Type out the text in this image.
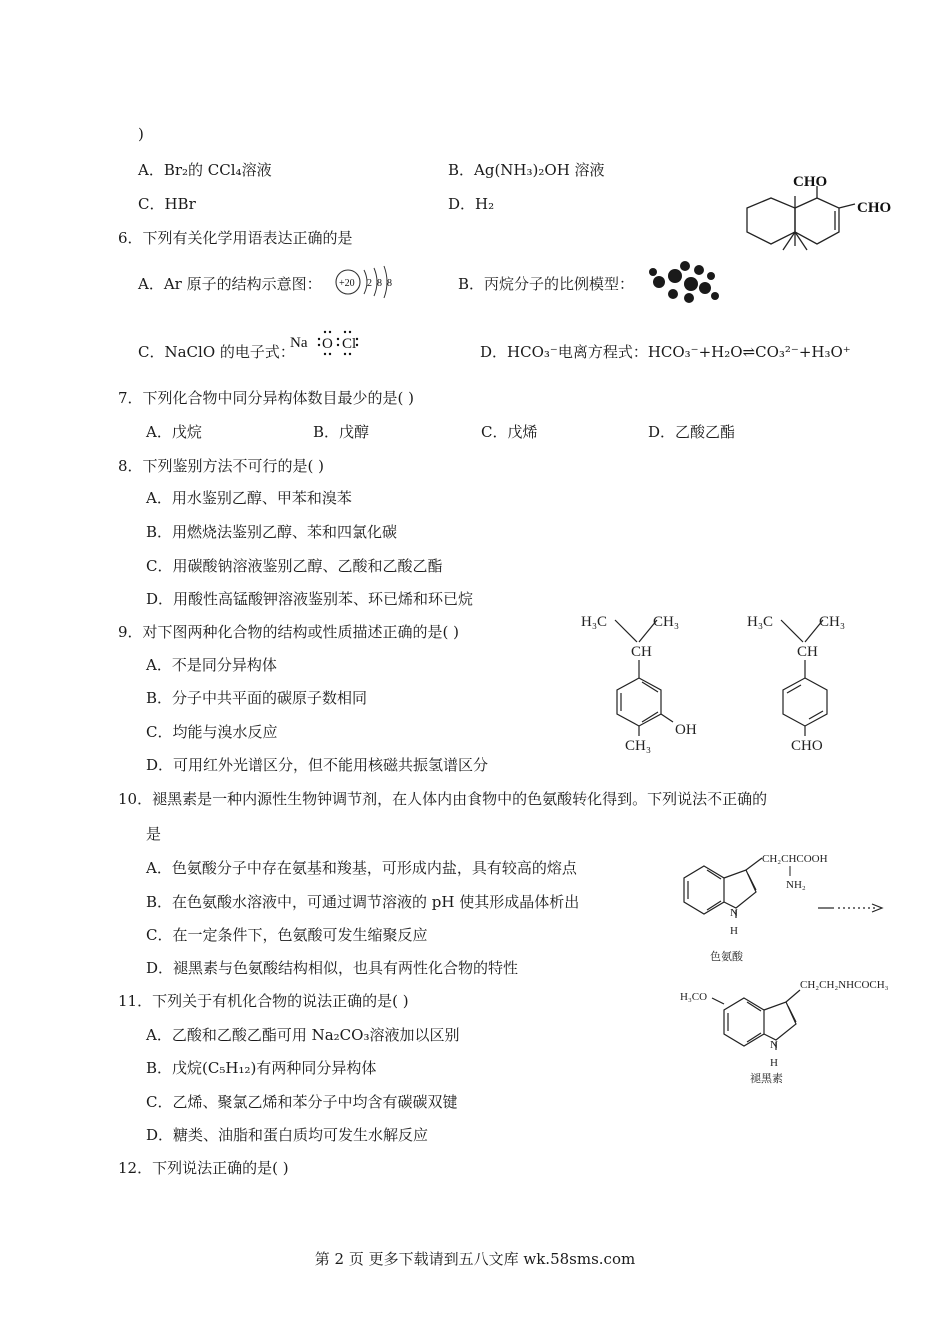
)
A．Br₂的 CCl₄溶液	B．Ag(NH₃)₂OH 溶液
C．HBr	D．H₂
CHO
CHO
6．下列有关化学用语表达正确的是
A．Ar 原子的结构示意图： +20 2 8 8	B．丙烷分子的比例模型：
C．NaClO 的电子式：
Na O Cl	D．HCO₃⁻电离方程式：HCO₃⁻+H₂O⇌CO₃²⁻+H₃O⁺
7．下列化合物中同分异构体数目最少的是( )
A．戊烷	B．戊醇	C．戊烯	D．乙酸乙酯
8．下列鉴别方法不可行的是( )
A．用水鉴别乙醇、甲苯和溴苯
B．用燃烧法鉴别乙醇、苯和四氯化碳
C．用碳酸钠溶液鉴别乙醇、乙酸和乙酸乙酯
D．用酸性高锰酸钾溶液鉴别苯、环已烯和环已烷
9．对下图两种化合物的结构或性质描述正确的是( )
A．不是同分异构体
B．分子中共平面的碳原子数相同
C．均能与溴水反应
D．可用红外光谱区分，但不能用核磁共振氢谱区分
H₃C	CH₃
CH
OH
CH₃
H₃C	CH₃
CH
CHO
10．褪黑素是一种内源性生物钟调节剂，在人体内由食物中的色氨酸转化得到。下列说法不正确的
是
A．色氨酸分子中存在氨基和羧基，可形成内盐，具有较高的熔点
B．在色氨酸水溶液中，可通过调节溶液的 pH 使其形成晶体析出
C．在一定条件下，色氨酸可发生缩聚反应
D．褪黑素与色氨酸结构相似，也具有两性化合物的特性
CH₂CHCOOH
NH₂
N
H
色氨酸
H₃CO
CH₂CH₂NHCOCH₃
N
H
褪黑素
11．下列关于有机化合物的说法正确的是( )
A．乙酸和乙酸乙酯可用 Na₂CO₃溶液加以区别
B．戊烷(C₅H₁₂)有两种同分异构体
C．乙烯、聚氯乙烯和苯分子中均含有碳碳双键
D．糖类、油脂和蛋白质均可发生水解反应
12．下列说法正确的是( )
第 2 页 更多下载请到五八文库 wk.58sms.com
